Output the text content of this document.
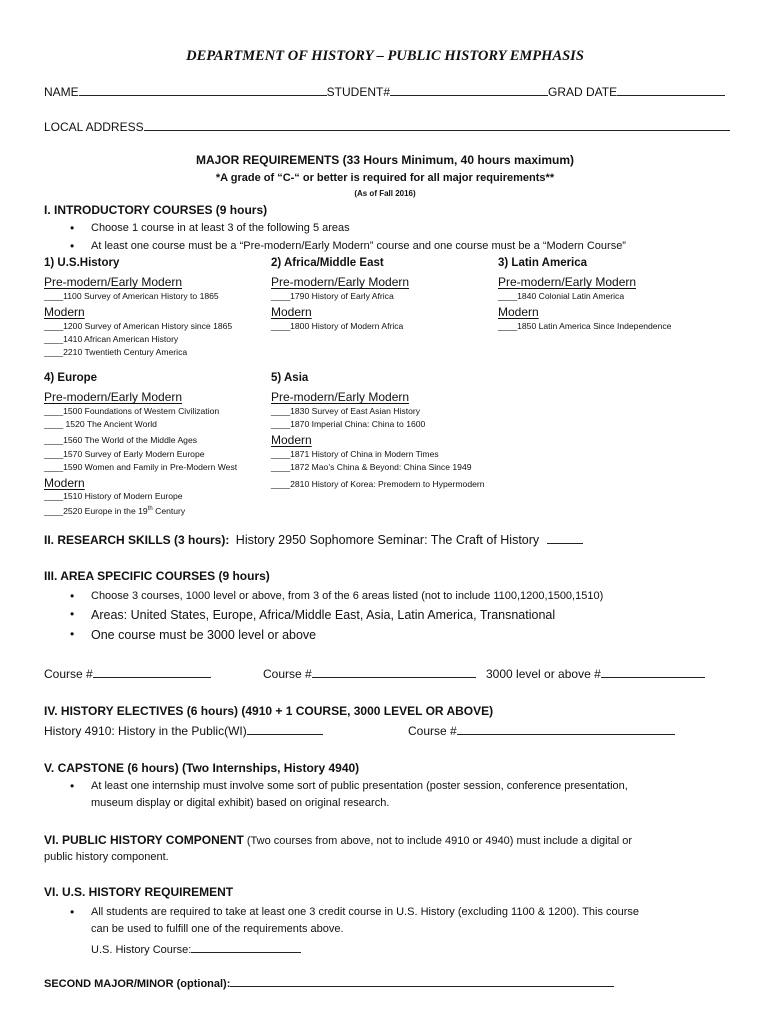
DEPARTMENT OF HISTORY – PUBLIC HISTORY EMPHASIS
NAME	STUDENT#	GRAD DATE
LOCAL ADDRESS
MAJOR REQUIREMENTS (33 Hours Minimum, 40 hours maximum)
*A grade of “C-“ or better is required for all major requirements**
(As of Fall 2016)
I. INTRODUCTORY COURSES (9 hours)
• Choose 1 course in at least 3 of the following 5 areas
• At least one course must be a “Pre-modern/Early Modern” course and one course must be a “Modern Course”
1) U.S.History
Pre-modern/Early Modern
____1100 Survey of American History to 1865
Modern
____1200 Survey of American History since 1865
____1410 African American History
____2210 Twentieth Century America
2) Africa/Middle East
Pre-modern/Early Modern
____1790 History of Early Africa
Modern
____1800 History of Modern Africa
3) Latin America
Pre-modern/Early Modern
____1840 Colonial Latin America
Modern
____1850 Latin America Since Independence
4) Europe
Pre-modern/Early Modern
____1500 Foundations of Western Civilization
____ 1520 The Ancient World
____1560 The World of the Middle Ages
____1570 Survey of Early Modern Europe
____1590 Women and Family in Pre-Modern West
Modern
____1510 History of Modern Europe
____2520 Europe in the 19th Century
5) Asia
Pre-modern/Early Modern
____1830 Survey of East Asian History
____1870 Imperial China: China to 1600
Modern
____1871 History of China in Modern Times
____1872 Mao’s China & Beyond: China Since 1949
____2810 History of Korea: Premodern to Hypermodern
II. RESEARCH SKILLS (3 hours): History 2950 Sophomore Seminar: The Craft of History
III. AREA SPECIFIC COURSES (9 hours)
• Choose 3 courses, 1000 level or above, from 3 of the 6 areas listed (not to include 1100,1200,1500,1510)
• Areas: United States, Europe, Africa/Middle East, Asia, Latin America, Transnational
• One course must be 3000 level or above
Course #	Course #	3000 level or above #
IV. HISTORY ELECTIVES (6 hours) (4910 + 1 COURSE, 3000 LEVEL OR ABOVE)
History 4910: History in the Public(WI)	Course #
V. CAPSTONE (6 hours) (Two Internships, History 4940)
• At least one internship must involve some sort of public presentation (poster session, conference presentation,
museum display or digital exhibit) based on original research.
VI. PUBLIC HISTORY COMPONENT (Two courses from above, not to include 4910 or 4940) must include a digital or
public history component.
VI. U.S. HISTORY REQUIREMENT
• All students are required to take at least one 3 credit course in U.S. History (excluding 1100 & 1200). This course
can be used to fulfill one of the requirements above.
U.S. History Course:
SECOND MAJOR/MINOR (optional):
